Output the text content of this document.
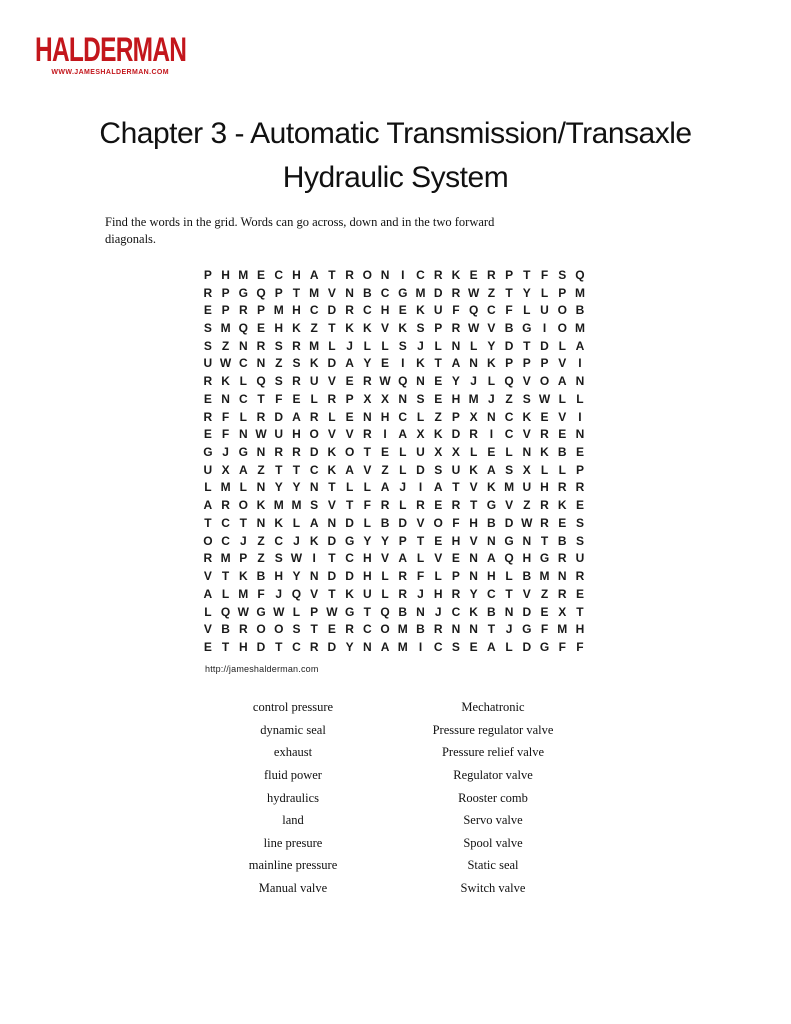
HALDERMAN
WWW.JAMESHALDERMAN.COM
Chapter 3 - Automatic Transmission/Transaxle
Hydraulic System
Find the words in the grid. Words can go across, down and in the two forward
diagonals.
P H M E C H A T R O N I C R K E R P T F S Q
R P G Q P T M V N B C G M D R W Z T Y L P M
E P R P M H C D R C H E K U F Q C F L U O B
S M Q E H K Z T K K V K S P R W V B G I O M
S Z N R S R M L J L L S J L N L Y D T D L A
U W C N Z S K D A Y E	I K T A N K P P P V	I
R K L Q S R U V E R W Q N E Y J L Q V O A N
E N C T F E L R P X X N S E H M J Z S W L L
R F L R D A R L E N H C L Z P X N C K E V	I
E F N W U H O V V R I A X K D R I C V R E N
G J G N R R D K O T E L U X X L E L N K B E
U X A Z T T C K A V Z L D S U K A S X L L P
L M L N Y Y N T L L A J	I A T V K M U H R R
A R O K M M S V T F R L R E R T G V Z R K E
T C T N K L A N D L B D V O F H B D W R E S
O C J Z C J K D G Y Y P T E H V N G N T B S
R M P Z S W I	T C H V A L V E N A Q H G R U
V T K B H Y N D D H L R F L P N H L B M N R
A L M F J Q V T K U L R J H R Y C T V Z R E
L Q W G W L P W G T Q B N J C K B N D E X T
V B R O O S T E R C O M B R N N T J G F M H
E T H D T C R D Y N A M I C S E A L D G F F
http://jameshalderman.com
control pressure
dynamic seal
exhaust
fluid power
hydraulics
land
line presure
mainline pressure
Manual valve
Mechatronic
Pressure regulator valve
Pressure relief valve
Regulator valve
Rooster comb
Servo valve
Spool valve
Static seal
Switch valve
